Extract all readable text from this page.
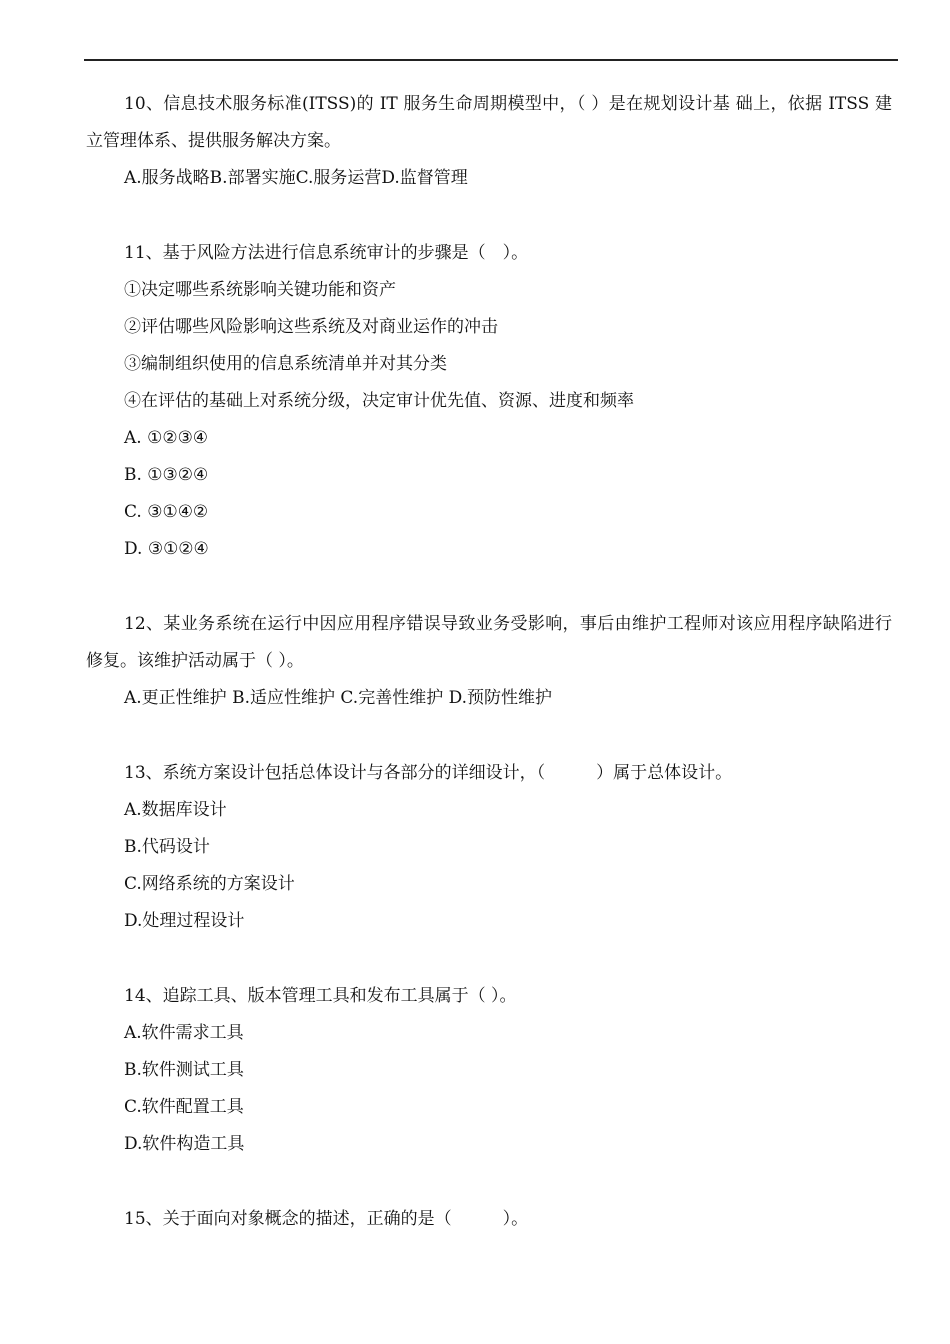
10、信息技术服务标准(ITSS)的 IT 服务生命周期模型中，（ ）是在规划设计基 础上，依据 ITSS 建立管理体系、提供服务解决方案。

A.服务战略B.部署实施C.服务运营D.监督管理

11、基于风险方法进行信息系统审计的步骤是（　）。

①决定哪些系统影响关键功能和资产

②评估哪些风险影响这些系统及对商业运作的冲击

③编制组织使用的信息系统清单并对其分类

④在评估的基础上对系统分级，决定审计优先值、资源、进度和频率

A. ①②③④

B. ①③②④

C. ③①④②

D. ③①②④

12、某业务系统在运行中因应用程序错误导致业务受影响，事后由维护工程师对该应用程序缺陷进行修复。该维护活动属于（ ）。

A.更正性维护 B.适应性维护 C.完善性维护 D.预防性维护

13、系统方案设计包括总体设计与各部分的详细设计，（　　　）属于总体设计。

A.数据库设计

B.代码设计

C.网络系统的方案设计

D.处理过程设计

14、追踪工具、版本管理工具和发布工具属于（ ）。

A.软件需求工具

B.软件测试工具

C.软件配置工具

D.软件构造工具

15、关于面向对象概念的描述，正确的是（　　　）。
